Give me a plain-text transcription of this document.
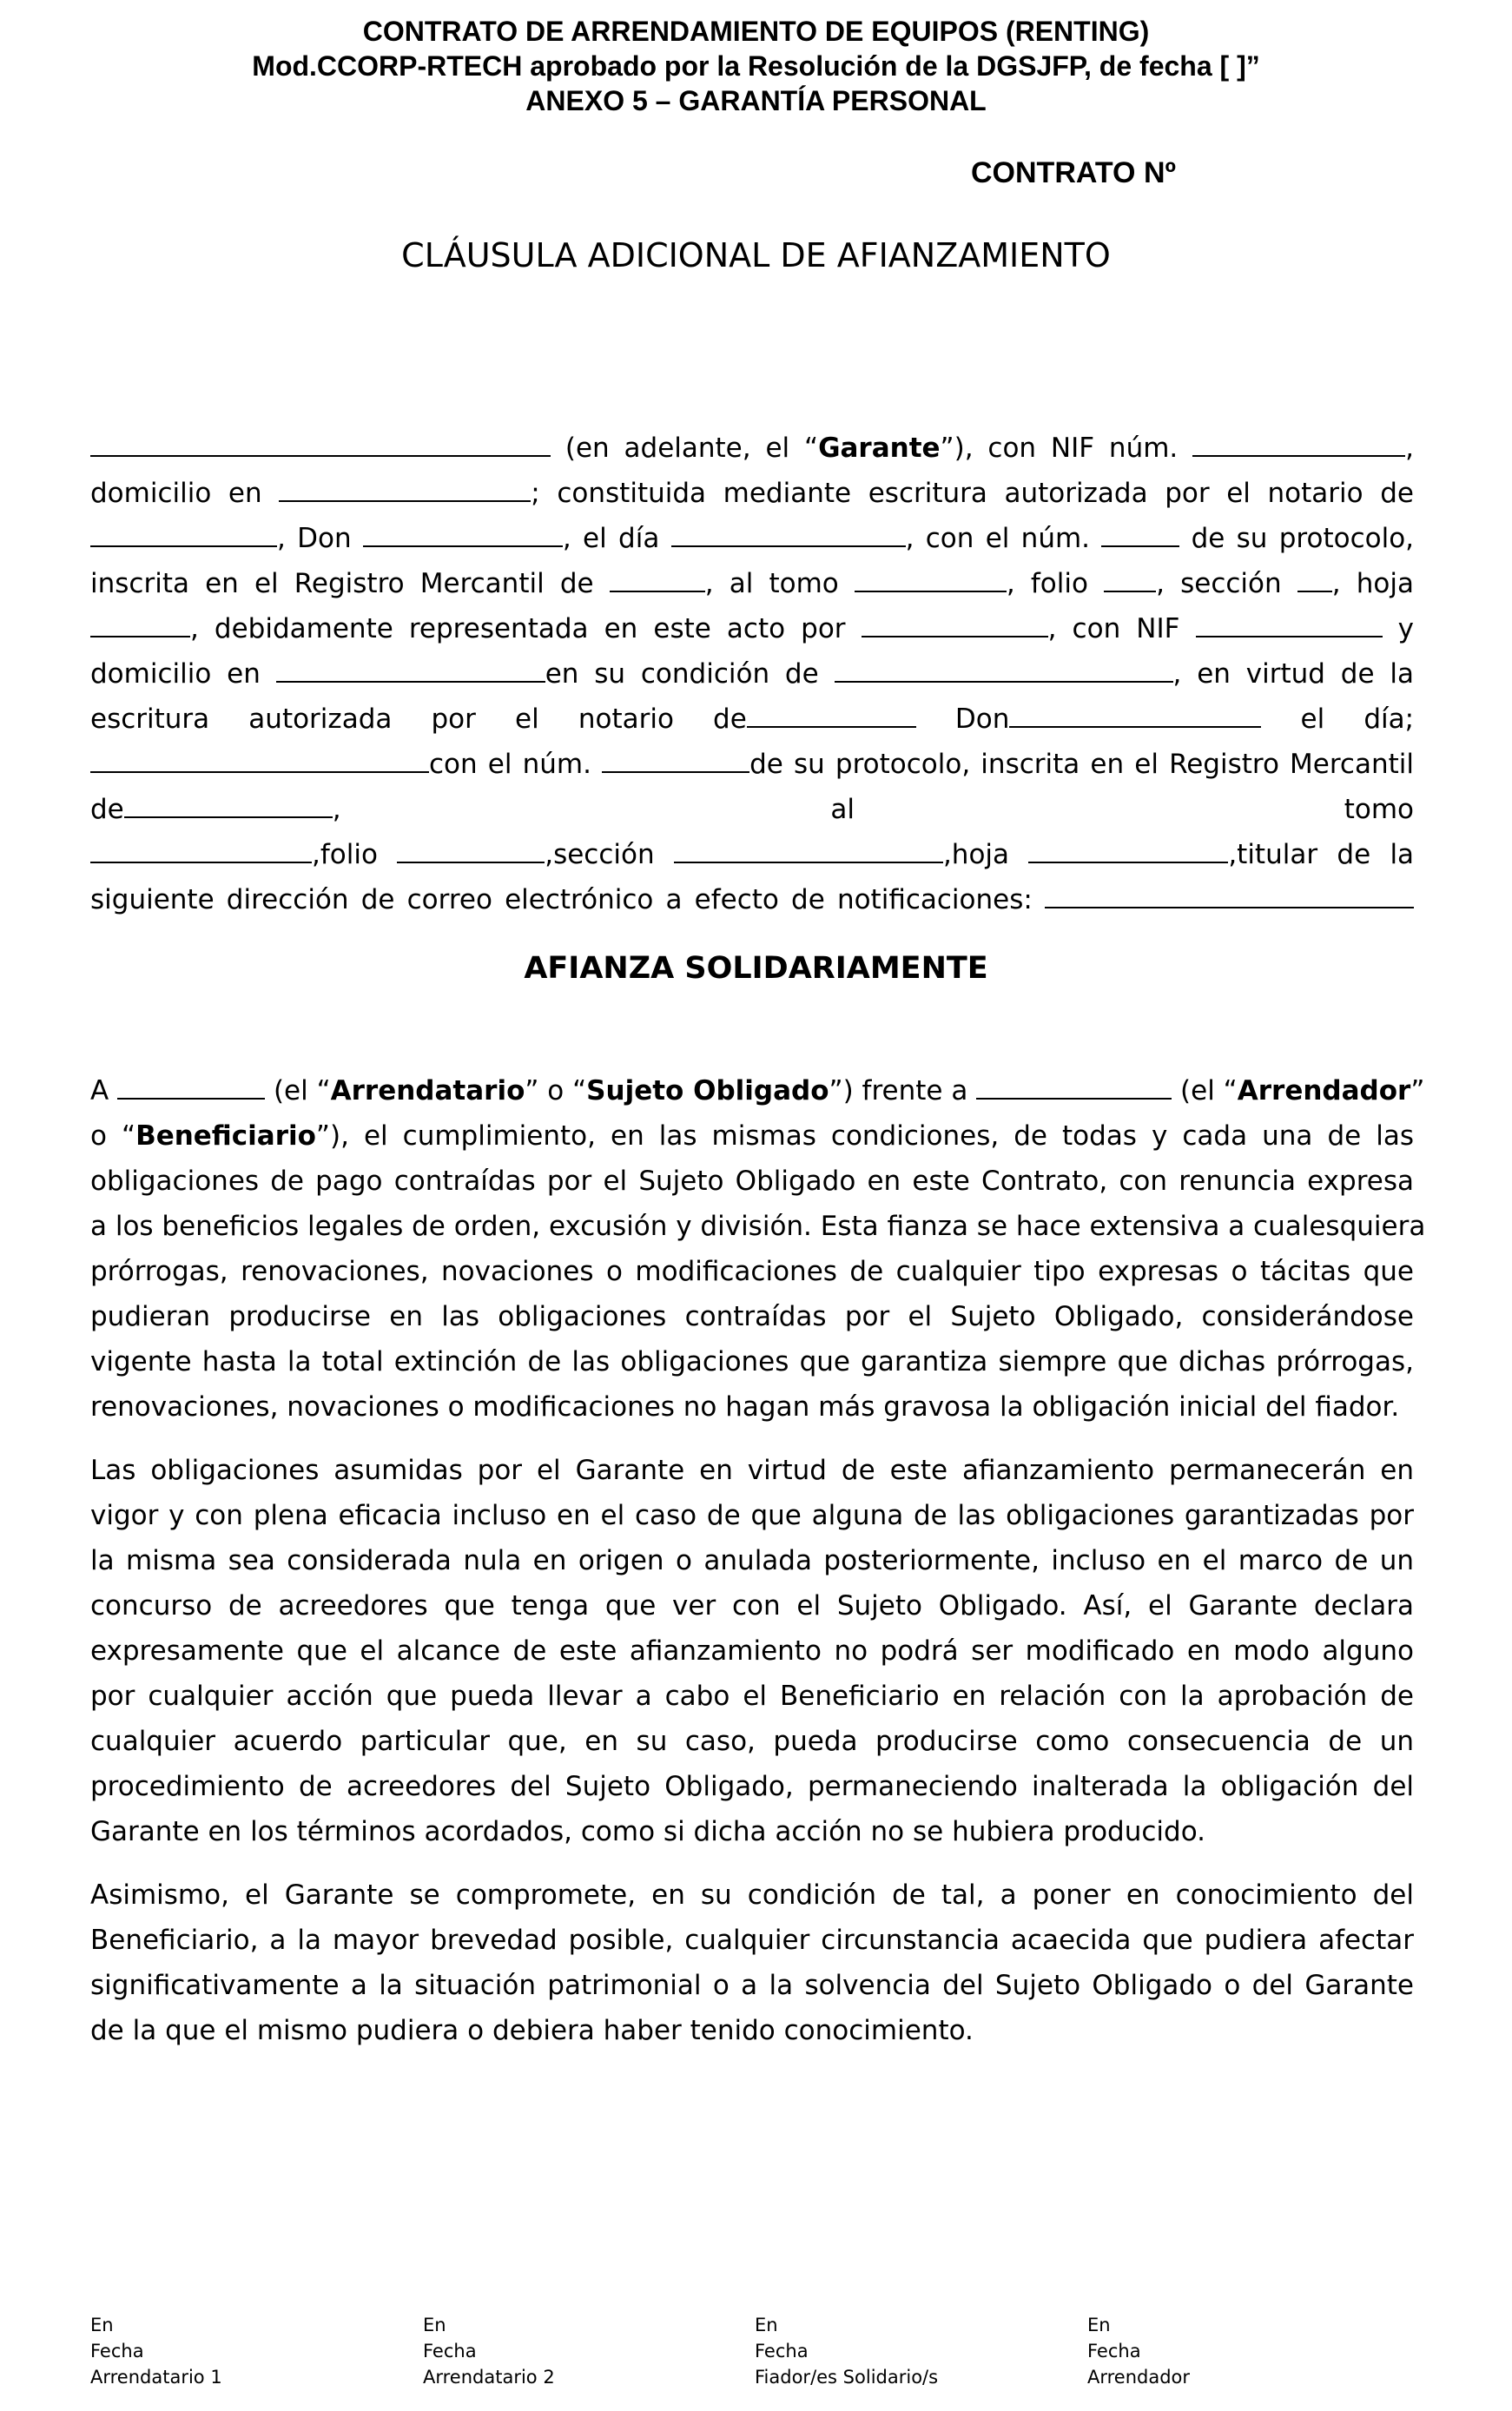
CONTRATO DE ARRENDAMIENTO DE EQUIPOS (RENTING)
Mod.CCORP-RTECH aprobado por la Resolución de la DGSJFP, de fecha [ ]”
ANEXO 5 – GARANTÍA PERSONAL
CONTRATO Nº
CLÁUSULA ADICIONAL DE AFIANZAMIENTO
(en adelante, el “Garante”), con NIF núm.	,
domicilio en	; constituida mediante escritura autorizada por el notario de
, Don	, el día	, con el núm.	de su protocolo,
inscrita en el Registro Mercantil de	, al tomo	, folio	, sección , hoja
, debidamente representada en este acto por	, con NIF	y
domicilio en	en su condición de	, en virtud de la
escritura autorizada por el notario de	Don	el día;
con el núm.	de su protocolo, inscrita en el Registro Mercantil
de	,	al	tomo
,folio	,sección	,hoja	,titular de la
siguiente dirección de correo electrónico a efecto de notificaciones:
AFIANZA SOLIDARIAMENTE
A	(el “Arrendatario” o “Sujeto Obligado”) frente a	(el “Arrendador”
o “Beneficiario”), el cumplimiento, en las mismas condiciones, de todas y cada una de las
obligaciones de pago contraídas por el Sujeto Obligado en este Contrato, con renuncia expresa
a los beneficios legales de orden, excusión y división. Esta fianza se hace extensiva a cualesquiera
prórrogas, renovaciones, novaciones o modificaciones de cualquier tipo expresas o tácitas que
pudieran producirse en las obligaciones contraídas por el Sujeto Obligado, considerándose
vigente hasta la total extinción de las obligaciones que garantiza siempre que dichas prórrogas,
renovaciones, novaciones o modificaciones no hagan más gravosa la obligación inicial del fiador.
Las obligaciones asumidas por el Garante en virtud de este afianzamiento permanecerán en
vigor y con plena eficacia incluso en el caso de que alguna de las obligaciones garantizadas por
la misma sea considerada nula en origen o anulada posteriormente, incluso en el marco de un
concurso de acreedores que tenga que ver con el Sujeto Obligado. Así, el Garante declara
expresamente que el alcance de este afianzamiento no podrá ser modificado en modo alguno
por cualquier acción que pueda llevar a cabo el Beneficiario en relación con la aprobación de
cualquier acuerdo particular que, en su caso, pueda producirse como consecuencia de un
procedimiento de acreedores del Sujeto Obligado, permaneciendo inalterada la obligación del
Garante en los términos acordados, como si dicha acción no se hubiera producido.
Asimismo, el Garante se compromete, en su condición de tal, a poner en conocimiento del
Beneficiario, a la mayor brevedad posible, cualquier circunstancia acaecida que pudiera afectar
significativamente a la situación patrimonial o a la solvencia del Sujeto Obligado o del Garante
de la que el mismo pudiera o debiera haber tenido conocimiento.
En
Fecha
Arrendatario 1
En
Fecha
Arrendatario 2
En
Fecha
Fiador/es Solidario/s
En
Fecha
Arrendador
